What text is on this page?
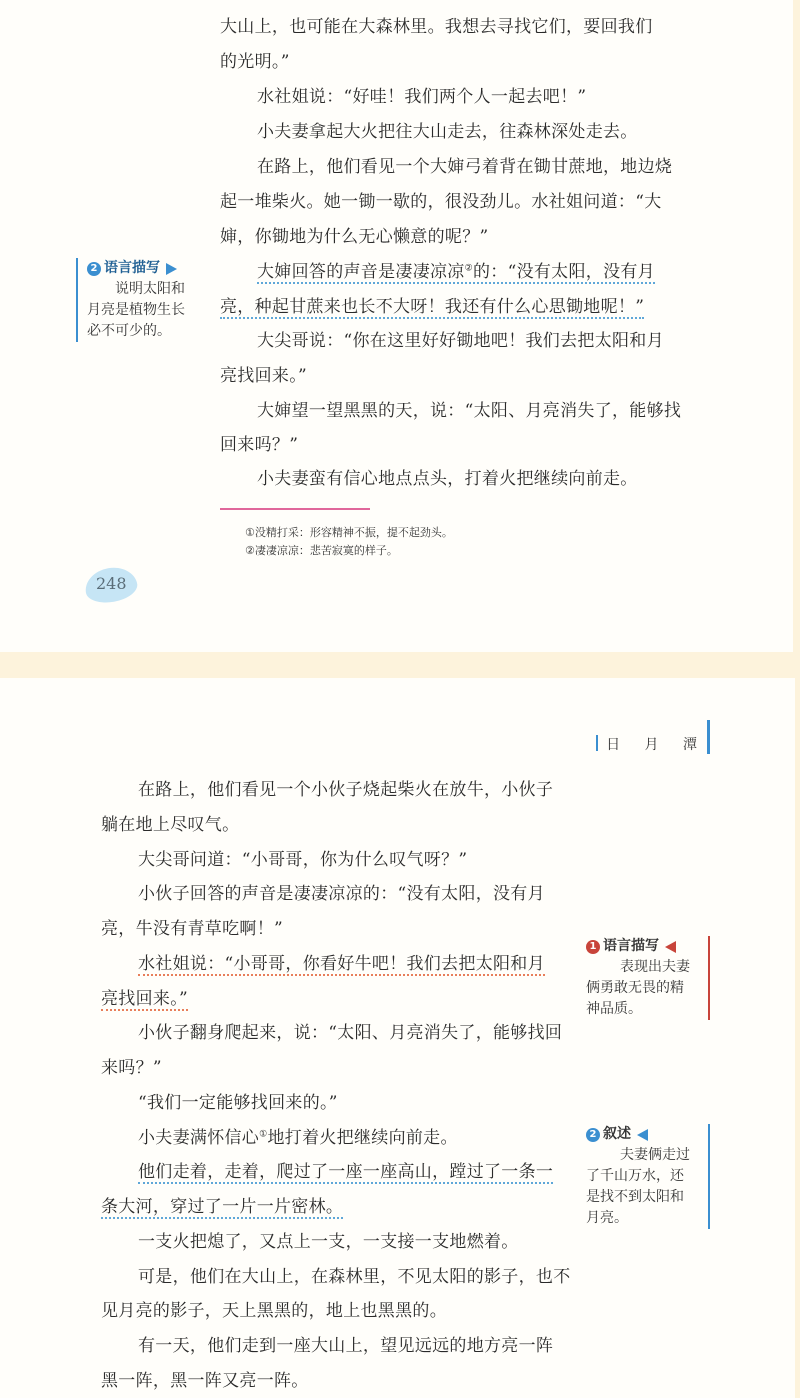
大山上，也可能在大森林里。我想去寻找它们，要回我们
的光明。”
水社姐说：“好哇！我们两个人一起去吧！”
小夫妻拿起大火把往大山走去，往森林深处走去。
在路上，他们看见一个大婶弓着背在锄甘蔗地，地边烧
起一堆柴火。她一锄一歇的，很没劲儿。水社姐问道：“大
婶，你锄地为什么无心懒意的呢？”
大婶回答的声音是凄凄凉凉②的：“没有太阳，没有月
亮，种起甘蔗来也长不大呀！我还有什么心思锄地呢！”
大尖哥说：“你在这里好好锄地吧！我们去把太阳和月
亮找回来。”
大婶望一望黑黑的天，说：“太阳、月亮消失了，能够找
回来吗？”
小夫妻蛮有信心地点点头，打着火把继续向前走。
2 语言描写
说明太阳和
月亮是植物生长
必不可少的。
①没精打采：形容精神不振，提不起劲头。
②凄凄凉凉：悲苦寂寞的样子。
248
日 月 潭
在路上，他们看见一个小伙子烧起柴火在放牛，小伙子
躺在地上尽叹气。
大尖哥问道：“小哥哥，你为什么叹气呀？”
小伙子回答的声音是凄凄凉凉的：“没有太阳，没有月
亮，牛没有青草吃啊！”
水社姐说：“小哥哥，你看好牛吧！我们去把太阳和月
亮找回来。”
小伙子翻身爬起来，说：“太阳、月亮消失了，能够找回
来吗？”
“我们一定能够找回来的。”
小夫妻满怀信心①地打着火把继续向前走。
他们走着，走着，爬过了一座一座高山，蹚过了一条一
条大河，穿过了一片一片密林。
一支火把熄了，又点上一支，一支接一支地燃着。
可是，他们在大山上，在森林里，不见太阳的影子，也不
见月亮的影子，天上黑黑的，地上也黑黑的。
有一天，他们走到一座大山上，望见远远的地方亮一阵
黑一阵，黑一阵又亮一阵。
1 语言描写
表现出夫妻
俩勇敢无畏的精
神品质。
2 叙述
夫妻俩走过
了千山万水，还
是找不到太阳和
月亮。
